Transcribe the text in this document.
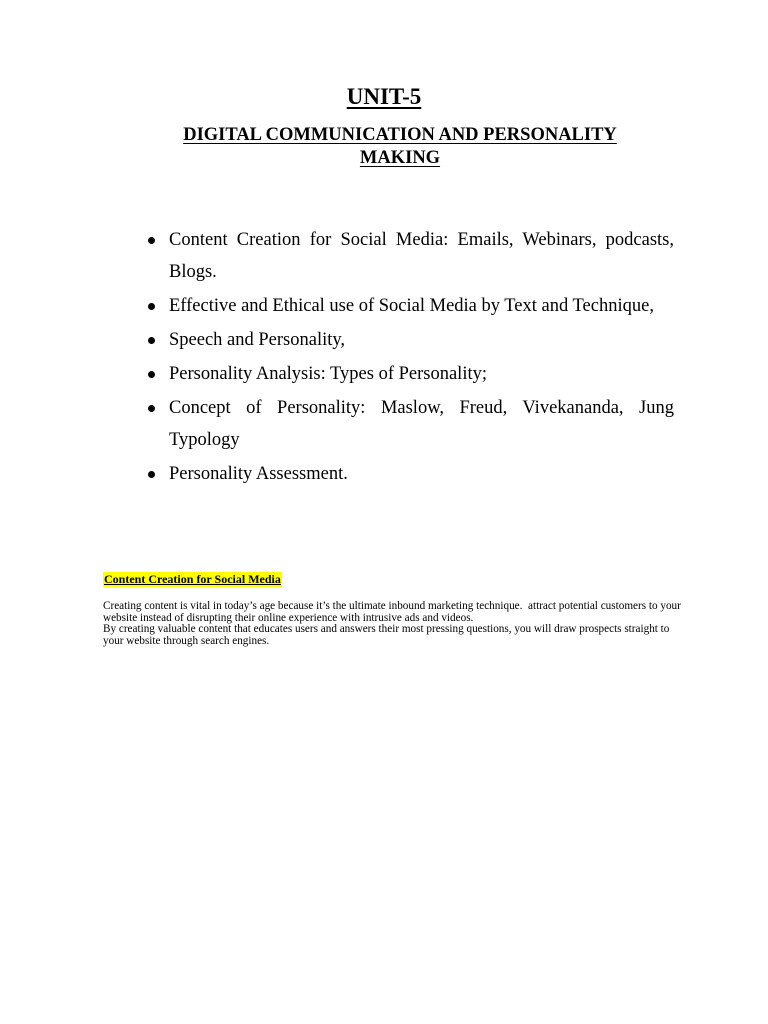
UNIT-5
DIGITAL COMMUNICATION AND PERSONALITY MAKING
Content Creation for Social Media: Emails, Webinars, podcasts, Blogs.
Effective and Ethical use of Social Media by Text and Technique,
Speech and Personality,
Personality Analysis: Types of Personality;
Concept of Personality: Maslow, Freud, Vivekananda, Jung Typology
Personality Assessment.
Content Creation for Social Media

Creating content is vital in today’s age because it’s the ultimate inbound marketing technique.  attract potential customers to your website instead of disrupting their online experience with intrusive ads and videos.

By creating valuable content that educates users and answers their most pressing questions, you will draw prospects straight to your website through search engines.
